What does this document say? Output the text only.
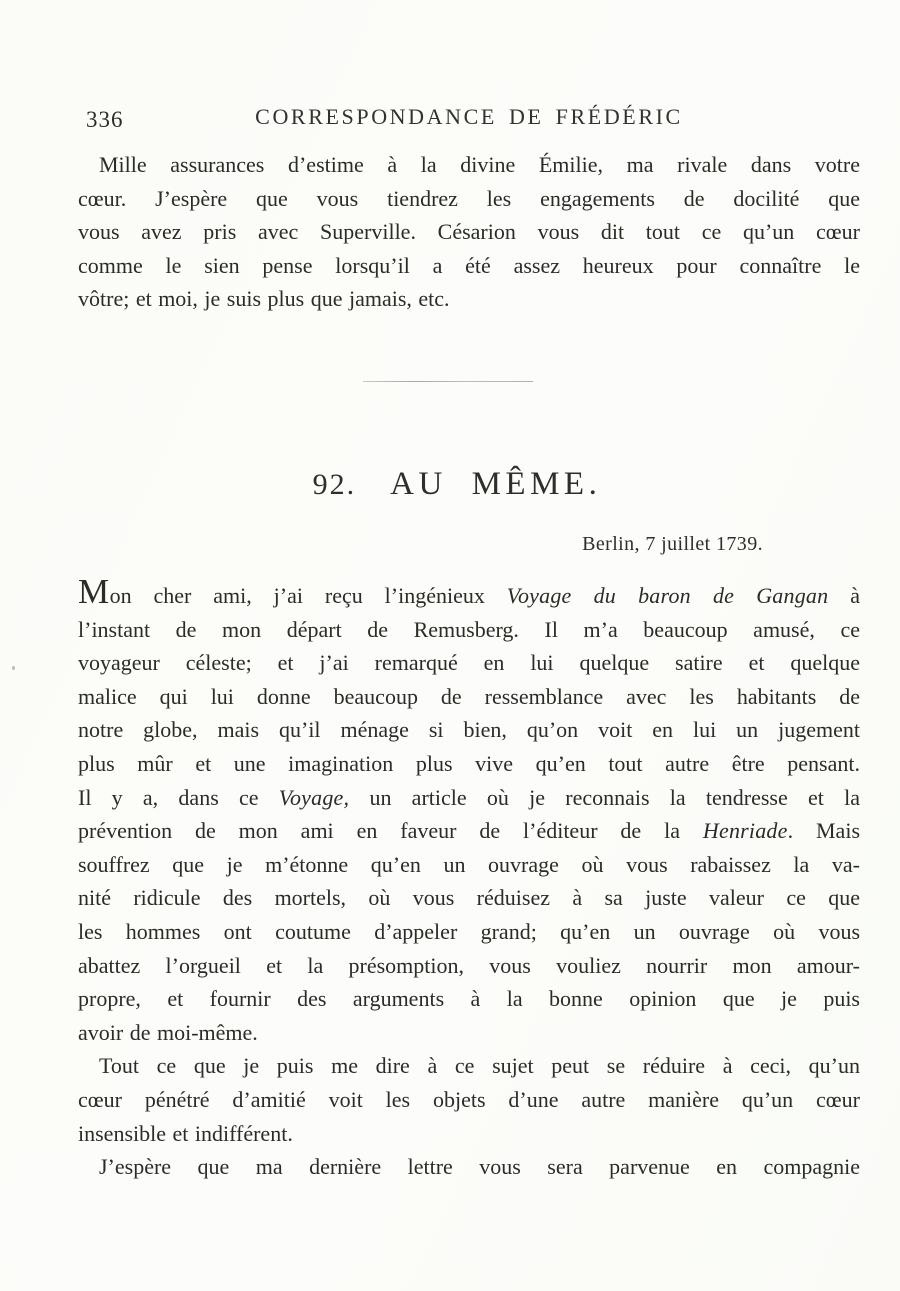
336	CORRESPONDANCE DE FRÉDÉRIC
Mille assurances d’estime à la divine Émilie, ma rivale dans votre
cœur. J’espère que vous tiendrez les engagements de docilité que
vous avez pris avec Superville. Césarion vous dit tout ce qu’un cœur
comme le sien pense lorsqu’il a été assez heureux pour connaître le
vôtre; et moi, je suis plus que jamais, etc.
92. AU MÊME.
Berlin, 7 juillet 1739.
Mon cher ami, j’ai reçu l’ingénieux Voyage du baron de Gangan à
l’instant de mon départ de Remusberg. Il m’a beaucoup amusé, ce
voyageur céleste; et j’ai remarqué en lui quelque satire et quelque
malice qui lui donne beaucoup de ressemblance avec les habitants de
notre globe, mais qu’il ménage si bien, qu’on voit en lui un jugement
plus mûr et une imagination plus vive qu’en tout autre être pensant.
Il y a, dans ce Voyage, un article où je reconnais la tendresse et la
prévention de mon ami en faveur de l’éditeur de la Henriade. Mais
souffrez que je m’étonne qu’en un ouvrage où vous rabaissez la va-
nité ridicule des mortels, où vous réduisez à sa juste valeur ce que
les hommes ont coutume d’appeler grand; qu’en un ouvrage où vous
abattez l’orgueil et la présomption, vous vouliez nourrir mon amour-
propre, et fournir des arguments à la bonne opinion que je puis
avoir de moi-même.
Tout ce que je puis me dire à ce sujet peut se réduire à ceci, qu’un
cœur pénétré d’amitié voit les objets d’une autre manière qu’un cœur
insensible et indifférent.
J’espère que ma dernière lettre vous sera parvenue en compagnie
